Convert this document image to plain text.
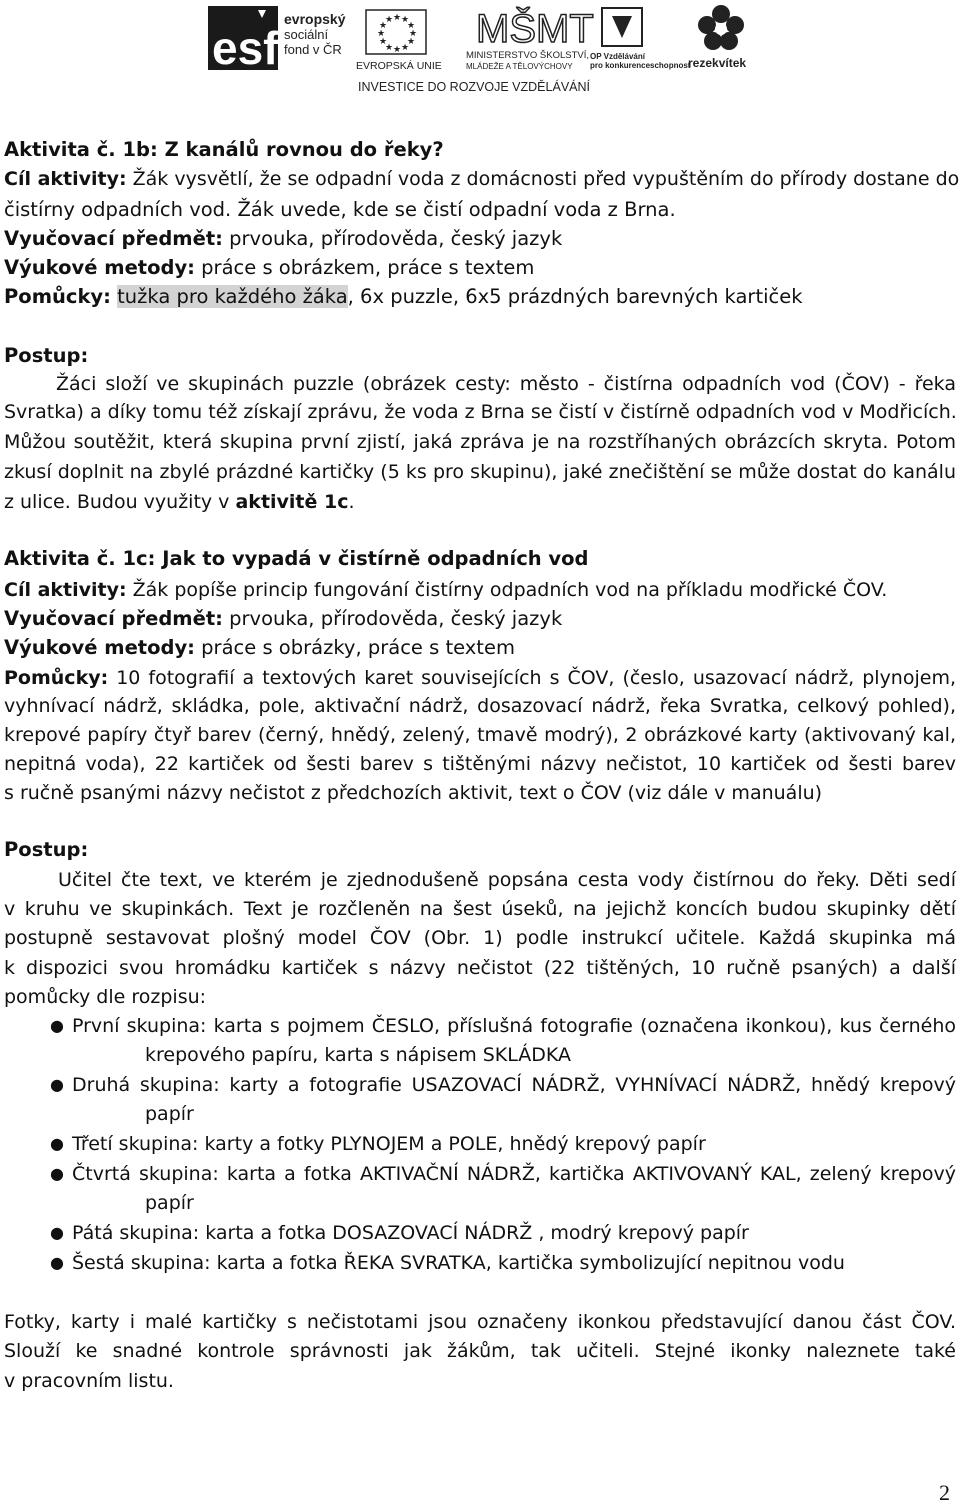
esf
evropský
sociální
fond v ČR
★ ★
★
★
★
★
★
★
★
★
★
★
EVROPSKÁ UNIE
MŠMT
MINISTERSTVO ŠKOLSTVÍ,
MLÁDEŽE A TĚLOVÝCHOVY
OP Vzdělávání
pro konkurenceschopnost
rezekvítek
INVESTICE DO ROZVOJE VZDĚLÁVÁNÍ
Aktivita č. 1b: Z kanálů rovnou do řeky?
Cíl aktivity: Žák vysvětlí, že se odpadní voda z domácnosti před vypuštěním do přírody dostane do
čistírny odpadních vod. Žák uvede, kde se čistí odpadní voda z Brna.
Vyučovací předmět: prvouka, přírodověda, český jazyk
Výukové metody: práce s obrázkem, práce s textem
Pomůcky: tužka pro každého žáka, 6x puzzle, 6x5 prázdných barevných kartiček
Postup:
Žáci složí ve skupinách puzzle (obrázek cesty: město - čistírna odpadních vod (ČOV) - řeka
Svratka) a díky tomu též získají zprávu, že voda z Brna se čistí v čistírně odpadních vod v Modřicích.
Můžou soutěžit, která skupina první zjistí, jaká zpráva je na rozstříhaných obrázcích skryta. Potom
zkusí doplnit na zbylé prázdné kartičky (5 ks pro skupinu), jaké znečištění se může dostat do kanálu
z ulice. Budou využity v aktivitě 1c.
Aktivita č. 1c: Jak to vypadá v čistírně odpadních vod
Cíl aktivity: Žák popíše princip fungování čistírny odpadních vod na příkladu modřické ČOV.
Vyučovací předmět: prvouka, přírodověda, český jazyk
Výukové metody: práce s obrázky, práce s textem
Pomůcky: 10 fotografií a textových karet souvisejících s ČOV, (česlo, usazovací nádrž, plynojem,
vyhnívací nádrž, skládka, pole, aktivační nádrž, dosazovací nádrž, řeka Svratka, celkový pohled),
krepové papíry čtyř barev (černý, hnědý, zelený, tmavě modrý), 2 obrázkové karty (aktivovaný kal,
nepitná voda), 22 kartiček od šesti barev s tištěnými názvy nečistot, 10 kartiček od šesti barev
s ručně psanými názvy nečistot z předchozích aktivit, text o ČOV (viz dále v manuálu)
Postup:
Učitel čte text, ve kterém je zjednodušeně popsána cesta vody čistírnou do řeky. Děti sedí
v kruhu ve skupinkách. Text je rozčleněn na šest úseků, na jejichž koncích budou skupinky dětí
postupně sestavovat plošný model ČOV (Obr. 1) podle instrukcí učitele. Každá skupinka má
k dispozici svou hromádku kartiček s názvy nečistot (22 tištěných, 10 ručně psaných) a další
pomůcky dle rozpisu:
● První skupina: karta s pojmem ČESLO, příslušná fotografie (označena ikonkou), kus černého
krepového papíru, karta s nápisem SKLÁDKA
● Druhá skupina: karty a fotografie USAZOVACÍ NÁDRŽ, VYHNÍVACÍ NÁDRŽ, hnědý krepový
papír
● Třetí skupina: karty a fotky PLYNOJEM a POLE, hnědý krepový papír
● Čtvrtá skupina: karta a fotka AKTIVAČNÍ NÁDRŽ, kartička AKTIVOVANÝ KAL, zelený krepový
papír
● Pátá skupina: karta a fotka DOSAZOVACÍ NÁDRŽ , modrý krepový papír
● Šestá skupina: karta a fotka ŘEKA SVRATKA, kartička symbolizující nepitnou vodu
Fotky, karty i malé kartičky s nečistotami jsou označeny ikonkou představující danou část ČOV.
Slouží ke snadné kontrole správnosti jak žákům, tak učiteli. Stejné ikonky naleznete také
v pracovním listu.
2
